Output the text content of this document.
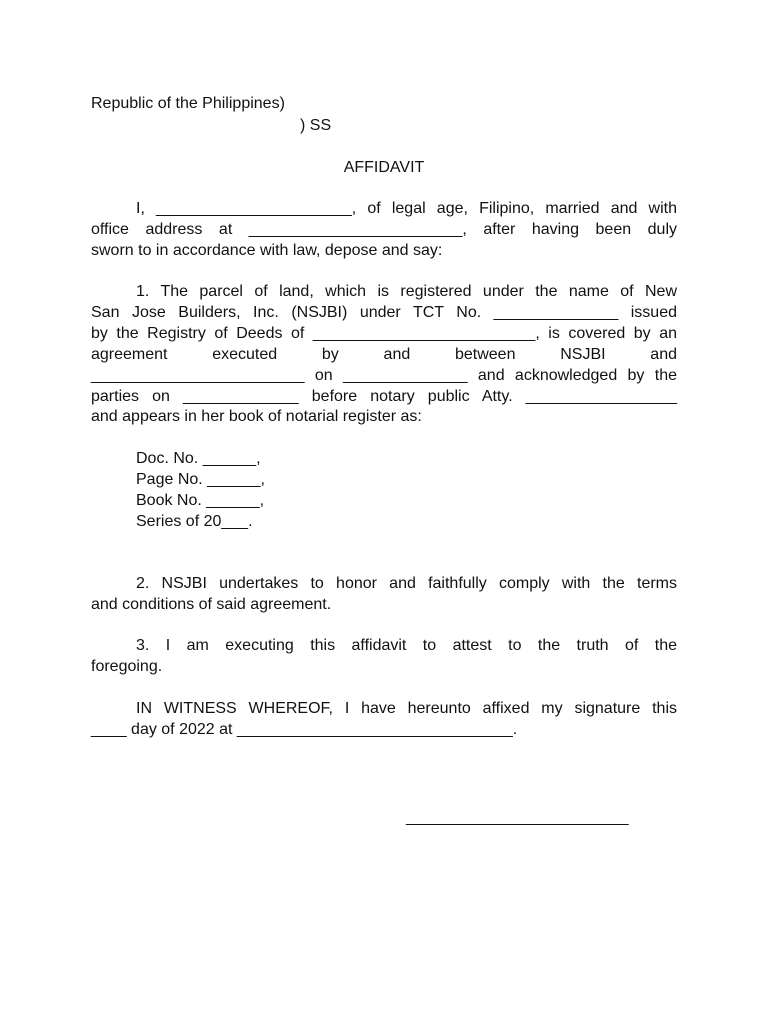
Republic of the Philippines)
) SS
AFFIDAVIT
I, ______________________, of legal age, Filipino, married and with
office address at ________________________, after having been duly
sworn to in accordance with law, depose and say:
1. The parcel of land, which is registered under the name of New
San Jose Builders, Inc. (NSJBI) under TCT No. ______________ issued
by the Registry of Deeds of _________________________, is covered by an
agreement executed by and between NSJBI and
________________________ on ______________ and acknowledged by the
parties on _____________ before notary public Atty. _________________
and appears in her book of notarial register as:
Doc. No. ______,
Page No. ______,
Book No. ______,
Series of 20___.
2. NSJBI undertakes to honor and faithfully comply with the terms
and conditions of said agreement.
3. I am executing this affidavit to attest to the truth of the
foregoing.
IN WITNESS WHEREOF, I have hereunto affixed my signature this
____ day of 2022 at _______________________________.
_________________________
